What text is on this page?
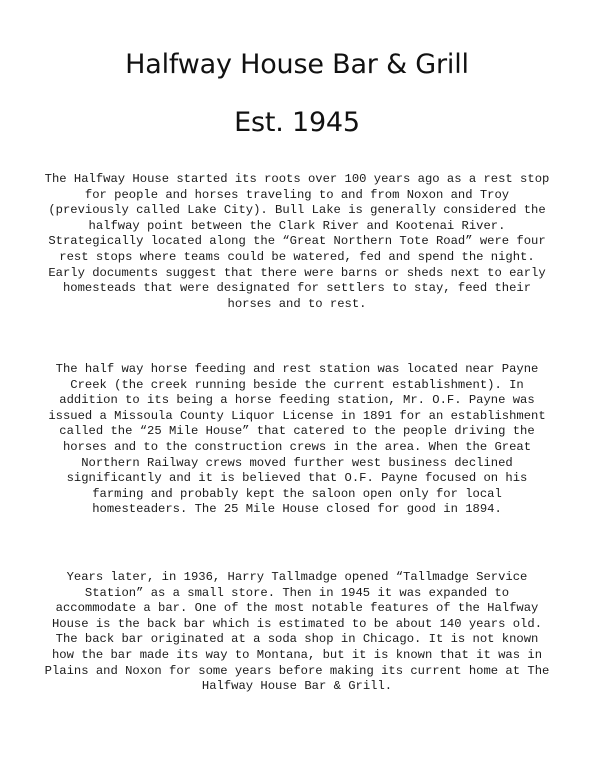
Halfway House Bar & Grill
Est. 1945

The Halfway House started its roots over 100 years ago as a rest stop for people and horses traveling to and from Noxon and Troy (previously called Lake City). Bull Lake is generally considered the halfway point between the Clark River and Kootenai River. Strategically located along the “Great Northern Tote Road” were four rest stops where teams could be watered, fed and spend the night. Early documents suggest that there were barns or sheds next to early homesteads that were designated for settlers to stay, feed their horses and to rest.

The half way horse feeding and rest station was located near Payne Creek (the creek running beside the current establishment). In addition to its being a horse feeding station, Mr. O.F. Payne was issued a Missoula County Liquor License in 1891 for an establishment called the “25 Mile House” that catered to the people driving the horses and to the construction crews in the area. When the Great Northern Railway crews moved further west business declined significantly and it is believed that O.F. Payne focused on his farming and probably kept the saloon open only for local homesteaders. The 25 Mile House closed for good in 1894.

Years later, in 1936, Harry Tallmadge opened “Tallmadge Service Station” as a small store. Then in 1945 it was expanded to accommodate a bar. One of the most notable features of the Halfway House is the back bar which is estimated to be about 140 years old. The back bar originated at a soda shop in Chicago. It is not known how the bar made its way to Montana, but it is known that it was in Plains and Noxon for some years before making its current home at The Halfway House Bar & Grill.
